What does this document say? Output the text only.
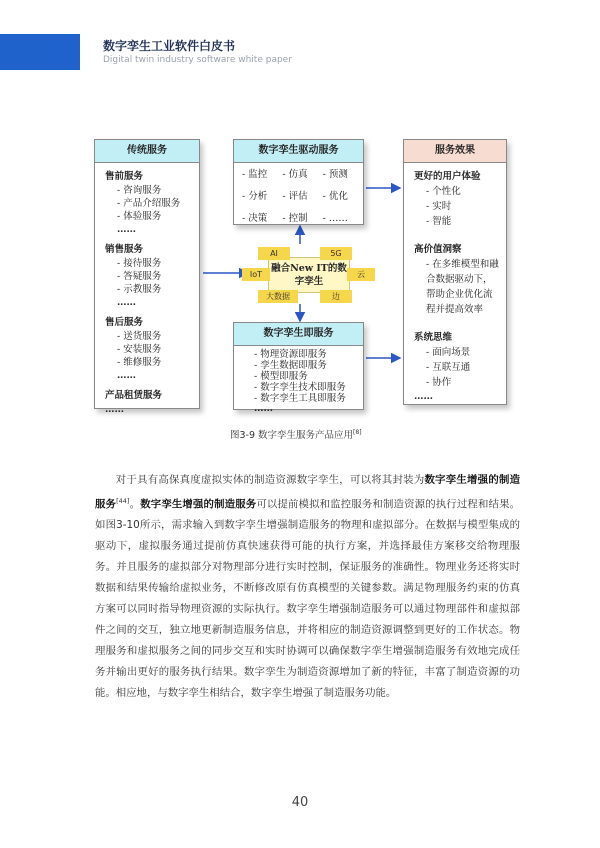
数字孪生工业软件白皮书
Digital twin industry software white paper
传统服务
售前服务
- 咨询服务
- 产品介绍服务
- 体验服务
……
销售服务
- 接待服务
- 答疑服务
- 示教服务
……
售后服务
- 送货服务
- 安装服务
- 维修服务
……
产品租赁服务
……
数字孪生驱动服务
- 监控	- 仿真	- 预测
- 分析	- 评估	- 优化
- 决策	- 控制	- ……
AI	5G
IoT	云
大数据	边
融合New IT的数字孪生
数字孪生即服务
- 物理资源即服务
- 孪生数据即服务
- 模型即服务
- 数字孪生技术即服务
- 数字孪生工具即服务
……
服务效果
更好的用户体验
- 个性化
- 实时
- 智能
高价值洞察
- 在多维模型和融合数据驱动下，帮助企业优化流程并提高效率
系统思维
- 面向场景
- 互联互通
- 协作
……
图3-9 数字孪生服务产品应用[8]
对于具有高保真度虚拟实体的制造资源数字孪生，可以将其封装为数字孪生增强的制造服务[44]。数字孪生增强的制造服务可以提前模拟和监控服务和制造资源的执行过程和结果。如图3-10所示，需求输入到数字孪生增强制造服务的物理和虚拟部分。在数据与模型集成的驱动下，虚拟服务通过提前仿真快速获得可能的执行方案，并选择最佳方案移交给物理服务。并且服务的虚拟部分对物理部分进行实时控制，保证服务的准确性。物理业务还将实时数据和结果传输给虚拟业务，不断修改原有仿真模型的关键参数。满足物理服务约束的仿真方案可以同时指导物理资源的实际执行。数字孪生增强制造服务可以通过物理部件和虚拟部件之间的交互，独立地更新制造服务信息，并将相应的制造资源调整到更好的工作状态。物理服务和虚拟服务之间的同步交互和实时协调可以确保数字孪生增强制造服务有效地完成任务并输出更好的服务执行结果。数字孪生为制造资源增加了新的特征，丰富了制造资源的功能。相应地，与数字孪生相结合，数字孪生增强了制造服务功能。
40
